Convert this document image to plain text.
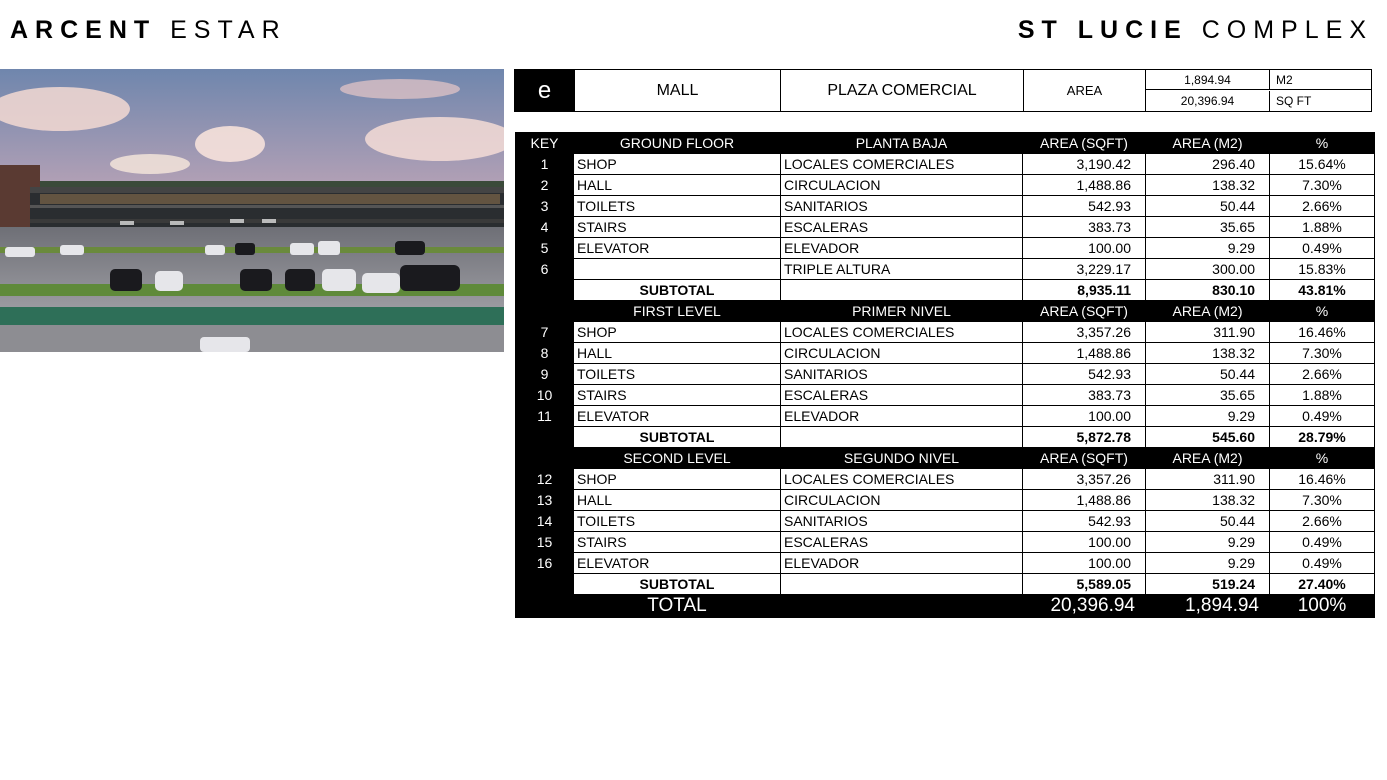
ARCENT ESTAR	ST LUCIE COMPLEX
e	MALL	PLAZA COMERCIAL	AREA
1,894.94	M2
20,396.94	SQ FT
KEY	GROUND FLOOR	PLANTA BAJA	AREA (SQFT)	AREA (M2)	%
1	SHOP	LOCALES COMERCIALES	3,190.42	296.40	15.64%
2	HALL	CIRCULACION	1,488.86	138.32	7.30%
3	TOILETS	SANITARIOS	542.93	50.44	2.66%
4	STAIRS	ESCALERAS	383.73	35.65	1.88%
5	ELEVATOR	ELEVADOR	100.00	9.29	0.49%
6		TRIPLE ALTURA	3,229.17	300.00	15.83%
	SUBTOTAL		8,935.11	830.10	43.81%
	FIRST LEVEL	PRIMER NIVEL	AREA (SQFT)	AREA (M2)	%
7	SHOP	LOCALES COMERCIALES	3,357.26	311.90	16.46%
8	HALL	CIRCULACION	1,488.86	138.32	7.30%
9	TOILETS	SANITARIOS	542.93	50.44	2.66%
10	STAIRS	ESCALERAS	383.73	35.65	1.88%
11	ELEVATOR	ELEVADOR	100.00	9.29	0.49%
	SUBTOTAL		5,872.78	545.60	28.79%
	SECOND LEVEL	SEGUNDO NIVEL	AREA (SQFT)	AREA (M2)	%
12	SHOP	LOCALES COMERCIALES	3,357.26	311.90	16.46%
13	HALL	CIRCULACION	1,488.86	138.32	7.30%
14	TOILETS	SANITARIOS	542.93	50.44	2.66%
15	STAIRS	ESCALERAS	100.00	9.29	0.49%
16	ELEVATOR	ELEVADOR	100.00	9.29	0.49%
	SUBTOTAL		5,589.05	519.24	27.40%
	TOTAL		20,396.94	1,894.94	100%
